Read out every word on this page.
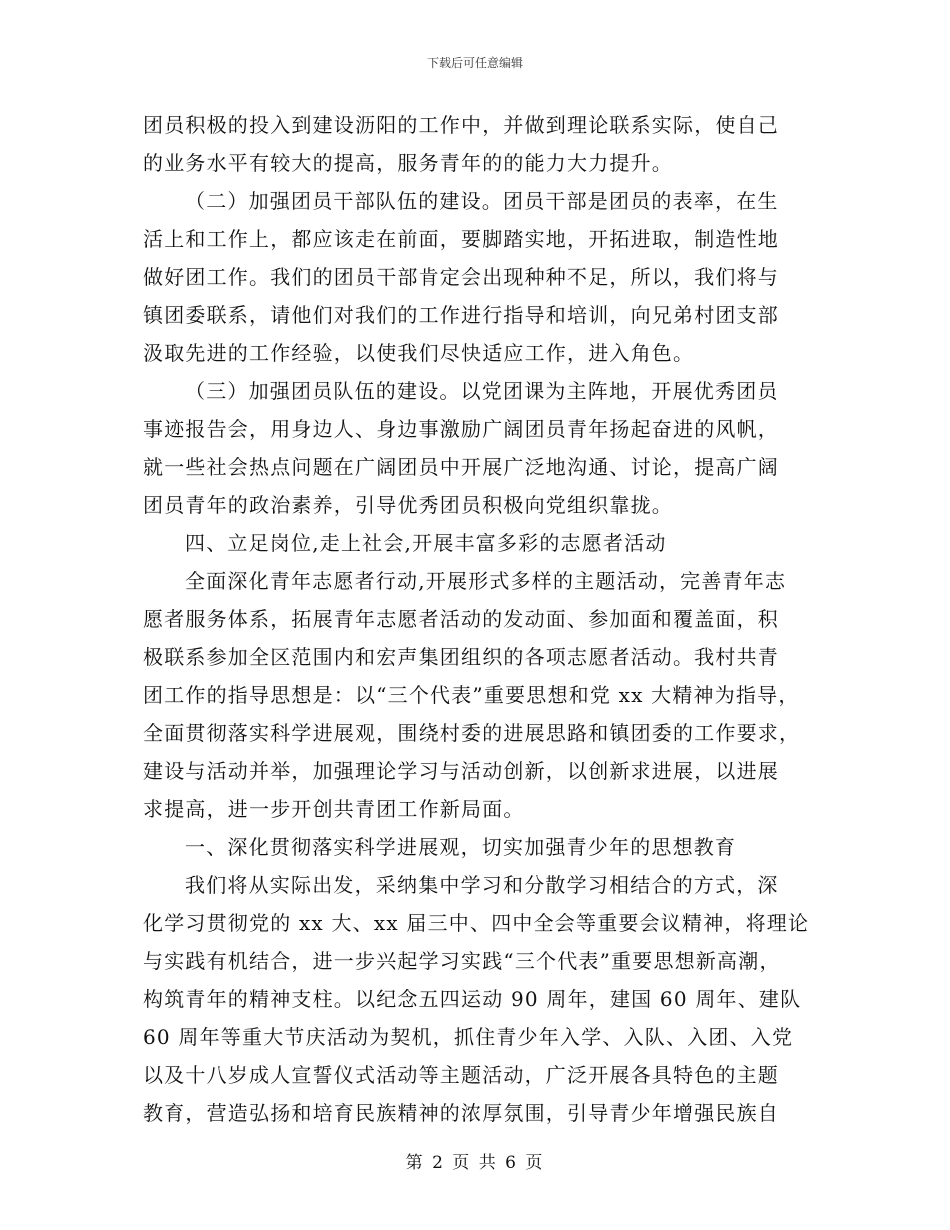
下载后可任意编辑
团员积极的投入到建设沥阳的工作中，并做到理论联系实际，使自己
的业务水平有较大的提高，服务青年的的能力大力提升。
（二）加强团员干部队伍的建设。团员干部是团员的表率，在生
活上和工作上，都应该走在前面，要脚踏实地，开拓进取，制造性地
做好团工作。我们的团员干部肯定会出现种种不足，所以，我们将与
镇团委联系，请他们对我们的工作进行指导和培训，向兄弟村团支部
汲取先进的工作经验，以使我们尽快适应工作，进入角色。
（三）加强团员队伍的建设。以党团课为主阵地，开展优秀团员
事迹报告会，用身边人、身边事激励广阔团员青年扬起奋进的风帆，
就一些社会热点问题在广阔团员中开展广泛地沟通、讨论，提高广阔
团员青年的政治素养，引导优秀团员积极向党组织靠拢。
四、立足岗位,走上社会,开展丰富多彩的志愿者活动
全面深化青年志愿者行动,开展形式多样的主题活动，完善青年志
愿者服务体系，拓展青年志愿者活动的发动面、参加面和覆盖面，积
极联系参加全区范围内和宏声集团组织的各项志愿者活动。我村共青
团工作的指导思想是：以“三个代表”重要思想和党 xx 大精神为指导，
全面贯彻落实科学进展观，围绕村委的进展思路和镇团委的工作要求，
建设与活动并举，加强理论学习与活动创新，以创新求进展，以进展
求提高，进一步开创共青团工作新局面。
一、深化贯彻落实科学进展观，切实加强青少年的思想教育
我们将从实际出发，采纳集中学习和分散学习相结合的方式，深
化学习贯彻党的 xx 大、xx 届三中、四中全会等重要会议精神，将理论
与实践有机结合，进一步兴起学习实践“三个代表”重要思想新高潮，
构筑青年的精神支柱。以纪念五四运动 90 周年，建国 60 周年、建队
60 周年等重大节庆活动为契机，抓住青少年入学、入队、入团、入党
以及十八岁成人宣誓仪式活动等主题活动，广泛开展各具特色的主题
教育，营造弘扬和培育民族精神的浓厚氛围，引导青少年增强民族自
第 2 页 共 6 页
